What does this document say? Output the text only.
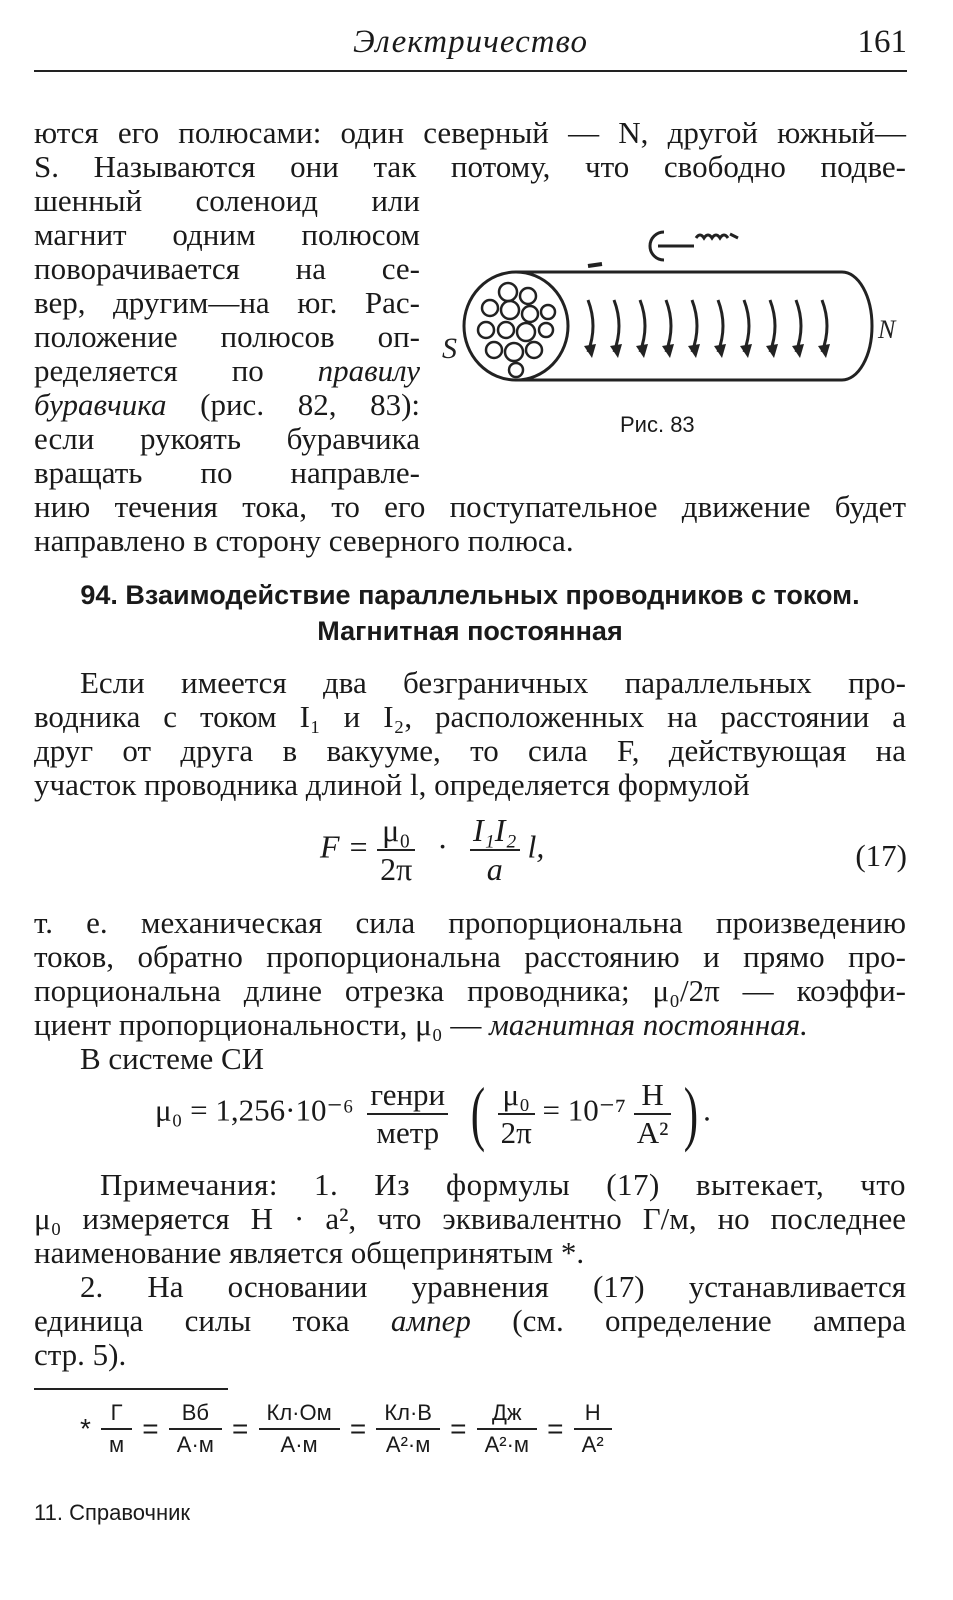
Электричество	161
ются его полюсами: один северный — N, другой южный—
S. Называются они так потому, что свободно подве-
шенный соленоид или
магнит одним полюсом
поворачивается на се-
вер, другим—на юг. Рас-
положение полюсов оп-
ределяется по правилу
буравчика (рис. 82, 83):
если рукоять буравчика
вращать по направле-
нию течения тока, то его поступательное движение будет
направлено в сторону северного полюса.
S
N
Рис. 83
94. Взаимодействие параллельных проводников с током.
Магнитная постоянная
Если имеется два безграничных параллельных про-
водника с током I₁ и I₂, расположенных на расстоянии a
друг от друга в вакууме, то сила F, действующая на
участок проводника длиной l, определяется формулой
$F = \frac{\text{μ₀}}{2\pi} \cdot \frac{\text{I₁I₂}}{a} l$,	(17)
т. е. механическая сила пропорциональна произведению
токов, обратно пропорциональна расстоянию и прямо про-
порциональна длине отрезка проводника; μ₀/2π — коэффи-
циент пропорциональности, μ₀ — магнитная постоянная.
В системе СИ
$\mu_0 = 1,256\cdot 10^{-6} \frac{\text{генри}}{\text{метр}}$ ( $\frac{\text{μ₀}}{2\pi} = 10^{-7} \frac{Н}{\text{А²}}$ ) .
Примечания: 1. Из формулы (17) вытекает, что
μ₀ измеряется Н · а², что эквивалентно Г/м, но последнее
наименование является общепринятым *.
2. На основании уравнения (17) устанавливается
единица силы тока ампер (см. определение ампера
стр. 5).
* $\frac{Г}{м} = \frac{Вб}{А\cdot м} = \frac{Кл\cdot Ом}{А\cdot м} = \frac{Кл\cdot В}{\text{А²·м}} = \frac{Дж}{\text{А²·м}} = \frac{Н}{\text{А²}}$
11. Справочник
